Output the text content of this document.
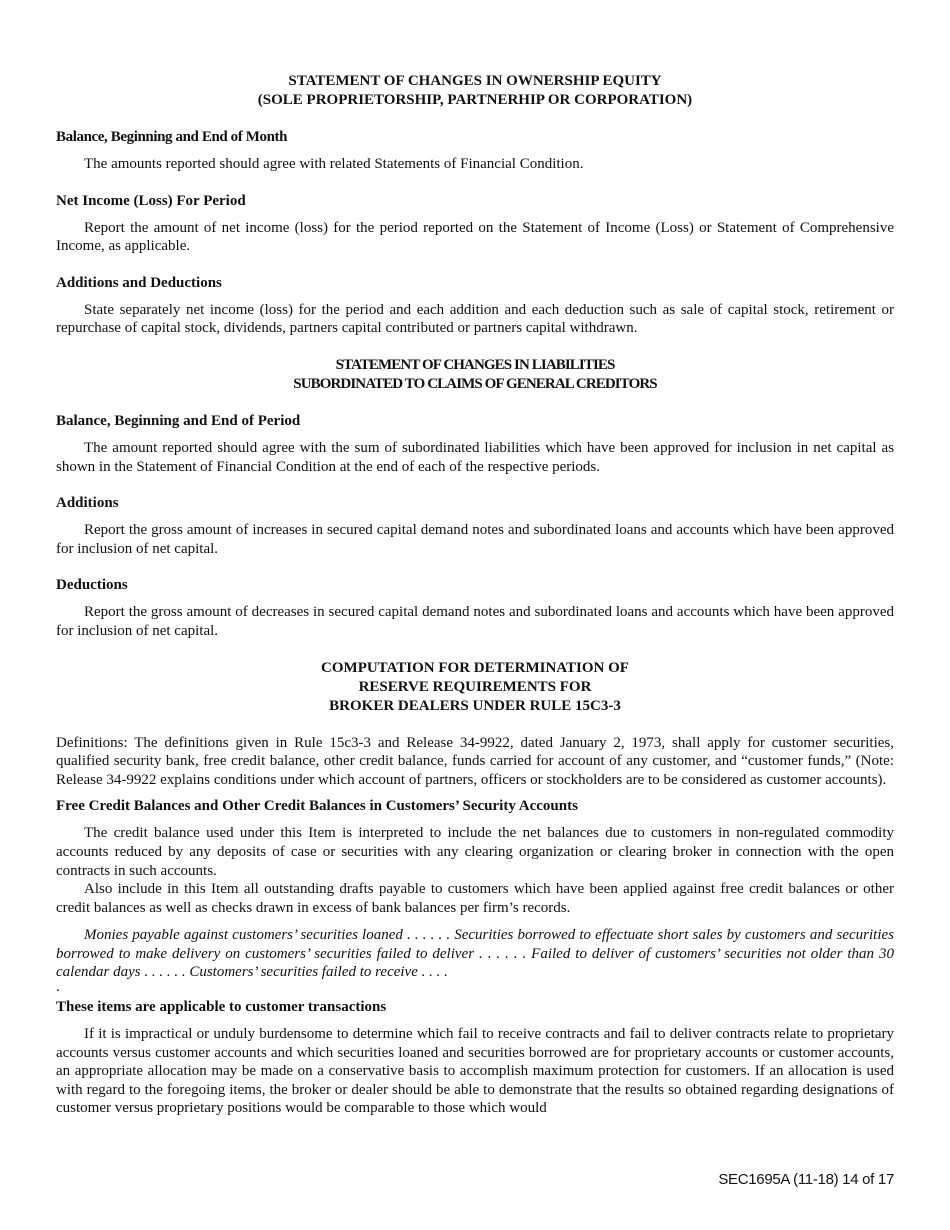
STATEMENT OF CHANGES IN OWNERSHIP EQUITY
(SOLE PROPRIETORSHIP, PARTNERHIP OR CORPORATION)
Balance, Beginning and End of Month
The amounts reported should agree with related Statements of Financial Condition.
Net Income (Loss) For Period
Report the amount of net income (loss) for the period reported on the Statement of Income (Loss) or Statement of Comprehensive Income, as applicable.
Additions and Deductions
State separately net income (loss) for the period and each addition and each deduction such as sale of capital stock, retirement or repurchase of capital stock, dividends, partners capital contributed or partners capital withdrawn.
STATEMENT OF CHANGES IN LIABILITIES
SUBORDINATED TO CLAIMS OF GENERAL CREDITORS
Balance, Beginning and End of Period
The amount reported should agree with the sum of subordinated liabilities which have been approved for inclusion in net capital as shown in the Statement of Financial Condition at the end of each of the respective periods.
Additions
Report the gross amount of increases in secured capital demand notes and subordinated loans and accounts which have been approved for inclusion of net capital.
Deductions
Report the gross amount of decreases in secured capital demand notes and subordinated loans and accounts which have been approved for inclusion of net capital.
COMPUTATION FOR DETERMINATION OF
RESERVE REQUIREMENTS FOR
BROKER DEALERS UNDER RULE 15C3-3
Definitions: The definitions given in Rule 15c3-3 and Release 34-9922, dated January 2, 1973, shall apply for customer securities, qualified security bank, free credit balance, other credit balance, funds carried for account of any customer, and “customer funds,” (Note: Release 34-9922 explains conditions under which account of partners, officers or stockholders are to be considered as customer accounts).
Free Credit Balances and Other Credit Balances in Customers’ Security Accounts
The credit balance used under this Item is interpreted to include the net balances due to customers in non-regulated commodity accounts reduced by any deposits of case or securities with any clearing organization or clearing broker in connection with the open contracts in such accounts.
Also include in this Item all outstanding drafts payable to customers which have been applied against free credit balances or other credit balances as well as checks drawn in excess of bank balances per firm’s records.
Monies payable against customers’ securities loaned . . . . . . Securities borrowed to effectuate short sales by customers and securities borrowed to make delivery on customers’ securities failed to deliver . . . . . . Failed to deliver of customers’ securities not older than 30 calendar days . . . . . . Customers’ securities failed to receive . . . .
.
These items are applicable to customer transactions
If it is impractical or unduly burdensome to determine which fail to receive contracts and fail to deliver contracts relate to proprietary accounts versus customer accounts and which securities loaned and securities borrowed are for proprietary accounts or customer accounts, an appropriate allocation may be made on a conservative basis to accomplish maximum protection for customers. If an allocation is used with regard to the foregoing items, the broker or dealer should be able to demonstrate that the results so obtained regarding designations of customer versus proprietary positions would be comparable to those which would
SEC1695A (11-18) 14 of 17
